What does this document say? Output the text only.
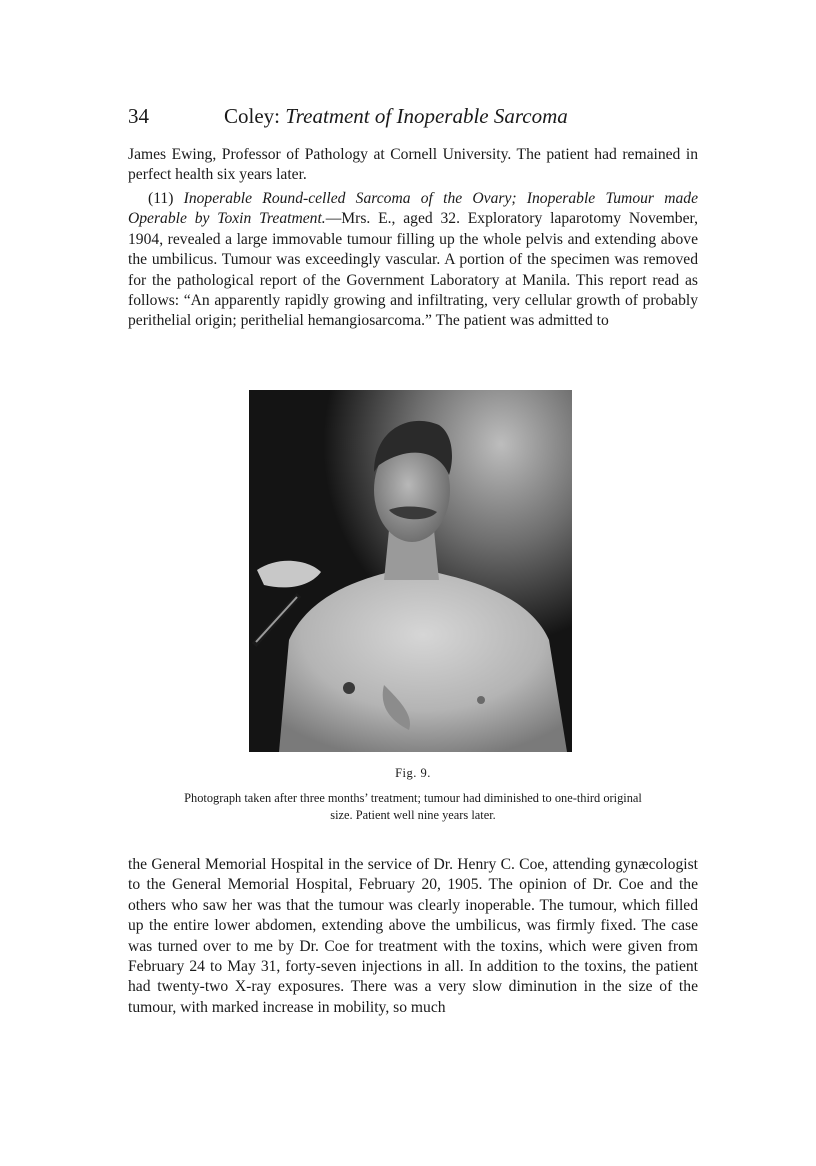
34	Coley: Treatment of Inoperable Sarcoma

James Ewing, Professor of Pathology at Cornell University. The patient had remained in perfect health six years later.

(11) Inoperable Round-celled Sarcoma of the Ovary; Inoperable Tumour made Operable by Toxin Treatment.—Mrs. E., aged 32. Exploratory laparotomy November, 1904, revealed a large immovable tumour filling up the whole pelvis and extending above the umbilicus. Tumour was exceedingly vascular. A portion of the specimen was removed for the pathological report of the Government Laboratory at Manila. This report read as follows: “An apparently rapidly growing and infiltrating, very cellular growth of probably perithelial origin; perithelial hemangiosarcoma.” The patient was admitted to

Fig. 9.
Photograph taken after three months’ treatment; tumour had diminished to one-third original size. Patient well nine years later.

the General Memorial Hospital in the service of Dr. Henry C. Coe, attending gynæcologist to the General Memorial Hospital, February 20, 1905. The opinion of Dr. Coe and the others who saw her was that the tumour was clearly inoperable. The tumour, which filled up the entire lower abdomen, extending above the umbilicus, was firmly fixed. The case was turned over to me by Dr. Coe for treatment with the toxins, which were given from February 24 to May 31, forty-seven injections in all. In addition to the toxins, the patient had twenty-two X-ray exposures. There was a very slow diminution in the size of the tumour, with marked increase in mobility, so much
